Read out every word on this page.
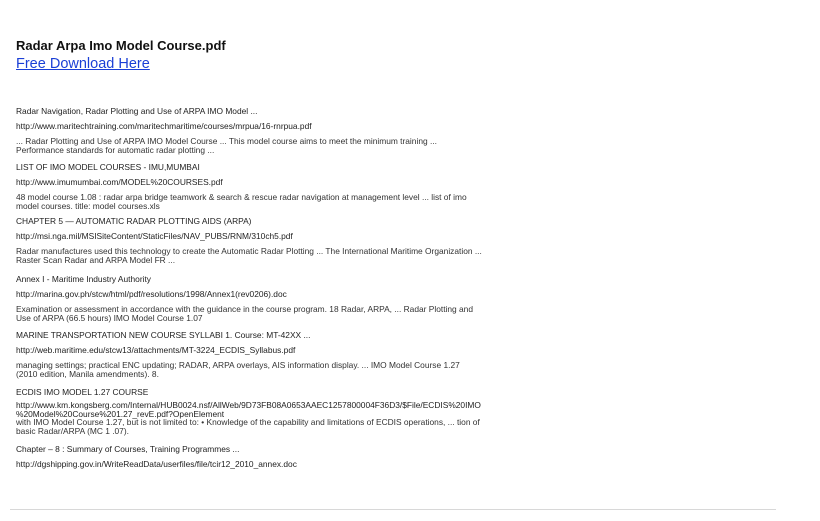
Radar Arpa Imo Model Course.pdf
Free Download Here
Radar Navigation, Radar Plotting and Use of ARPA IMO Model ...
http://www.maritechtraining.com/maritechmaritime/courses/mrpua/16-rnrpua.pdf
... Radar Plotting and Use of ARPA IMO Model Course ... This model course aims to meet the minimum training ...
Performance standards for automatic radar plotting ...
LIST OF IMO MODEL COURSES - IMU,MUMBAI
http://www.imumumbai.com/MODEL%20COURSES.pdf
48 model course 1.08 : radar arpa bridge teamwork & search & rescue radar navigation at management level ... list of imo
model courses. title: model courses.xls
CHAPTER 5 — AUTOMATIC RADAR PLOTTING AIDS (ARPA)
http://msi.nga.mil/MSISiteContent/StaticFiles/NAV_PUBS/RNM/310ch5.pdf
Radar manufactures used this technology to create the Automatic Radar Plotting ... The International Maritime Organization ...
Raster Scan Radar and ARPA Model FR ...
Annex I - Maritime Industry Authority
http://marina.gov.ph/stcw/html/pdf/resolutions/1998/Annex1(rev0206).doc
Examination or assessment in accordance with the guidance in the course program. 18 Radar, ARPA, ... Radar Plotting and
Use of ARPA (66.5 hours) IMO Model Course 1.07
MARINE TRANSPORTATION NEW COURSE SYLLABI 1. Course: MT-42XX ...
http://web.maritime.edu/stcw13/attachments/MT-3224_ECDIS_Syllabus.pdf
managing settings; practical ENC updating; RADAR, ARPA overlays, AIS information display. ... IMO Model Course 1.27
(2010 edition, Manila amendments). 8.
ECDIS IMO MODEL 1.27 COURSE
http://www.km.kongsberg.com/Internal/HUB0024.nsf/AllWeb/9D73FB08A0653AAEC1257800004F36D3/$File/ECDIS%20IMO
%20Model%20Course%201.27_revE.pdf?OpenElement
with IMO Model Course 1.27, but is not limited to: • Knowledge of the capability and limitations of ECDIS operations, ... tion of
basic Radar/ARPA (MC 1 .07).
Chapter – 8 : Summary of Courses, Training Programmes ...
http://dgshipping.gov.in/WriteReadData/userfiles/file/tcir12_2010_annex.doc
